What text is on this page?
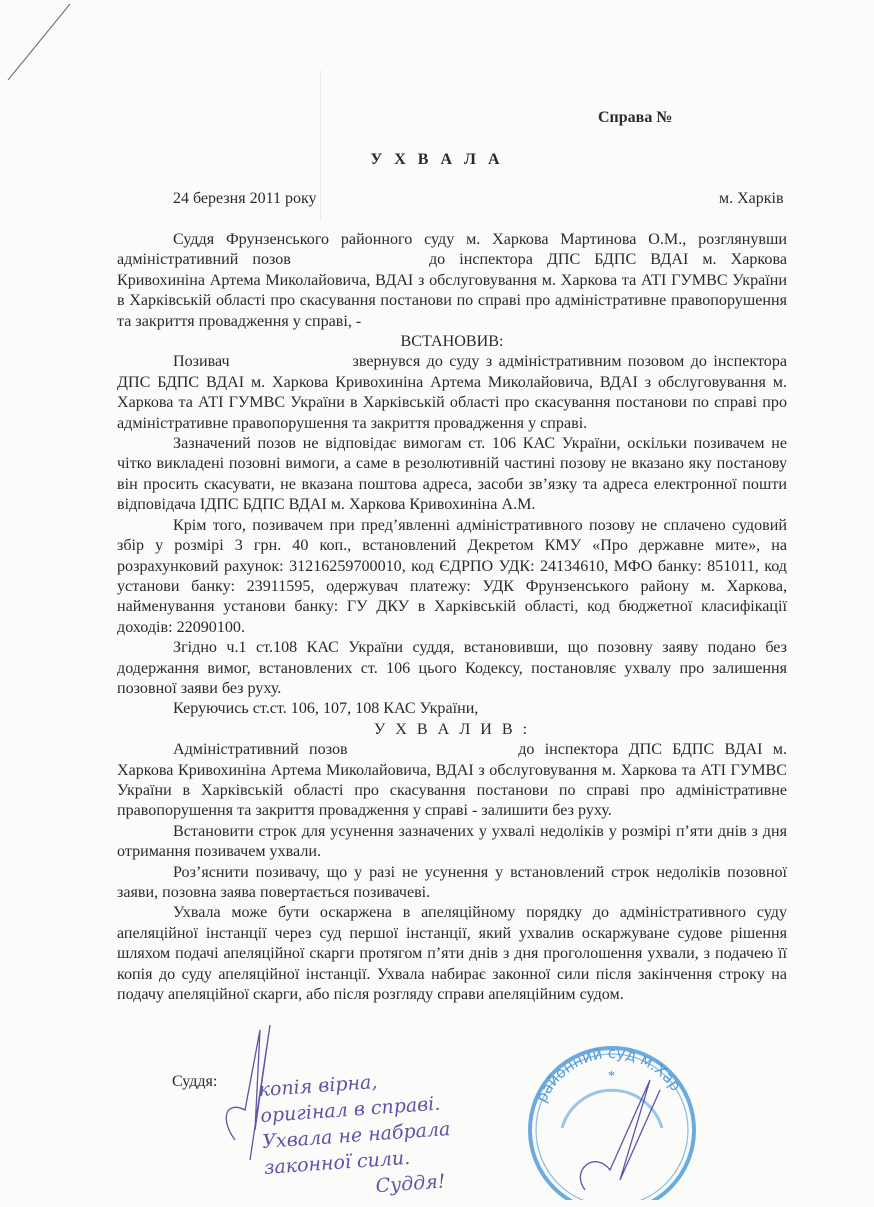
Справа №
У Х В А Л А
24 березня 2011 року	м. Харків

Суддя Фрунзенського районного суду м. Харкова Мартинова О.М., розглянувши адміністративний позов	до інспектора ДПС БДПС ВДАІ м. Харкова Кривохиніна Артема Миколайовича, ВДАІ з обслуговування м. Харкова та АТІ ГУМВС України в Харківській області про скасування постанови по справі про адміністративне правопорушення та закриття провадження у справі, -

ВСТАНОВИВ:

Позивач	звернувся до суду з адміністративним позовом до інспектора ДПС БДПС ВДАІ м. Харкова Кривохиніна Артема Миколайовича, ВДАІ з обслуговування м. Харкова та АТІ ГУМВС України в Харківській області про скасування постанови по справі про адміністративне правопорушення та закриття провадження у справі.

Зазначений позов не відповідає вимогам ст. 106 КАС України, оскільки позивачем не чітко викладені позовні вимоги, а саме в резолютивній частині позову не вказано яку постанову він просить скасувати, не вказана поштова адреса, засоби зв’язку та адреса електронної пошти відповідача ІДПС БДПС ВДАІ м. Харкова Кривохиніна А.М.

Крім того, позивачем при пред’явленні адміністративного позову не сплачено судовий збір у розмірі 3 грн. 40 коп., встановлений Декретом КМУ «Про державне мите», на розрахунковий рахунок: 31216259700010, код ЄДРПО УДК: 24134610, МФО банку: 851011, код установи банку: 23911595, одержувач платежу: УДК Фрунзенського району м. Харкова, найменування установи банку: ГУ ДКУ в Харківській області, код бюджетної класифікації доходів: 22090100.

Згідно ч.1 ст.108 КАС України суддя, встановивши, що позовну заяву подано без додержання вимог, встановлених ст. 106 цього Кодексу, постановляє ухвалу про залишення позовної заяви без руху.

Керуючись ст.ст. 106, 107, 108 КАС України,

У Х В А Л И В :

Адміністративний позов	до інспектора ДПС БДПС ВДАІ м. Харкова Кривохиніна Артема Миколайовича, ВДАІ з обслуговування м. Харкова та АТІ ГУМВС України в Харківській області про скасування постанови по справі про адміністративне правопорушення та закриття провадження у справі - залишити без руху.

Встановити строк для усунення зазначених у ухвалі недоліків у розмірі п’яти днів з дня отримання позивачем ухвали.

Роз’яснити позивачу, що у разі не усунення у встановлений строк недоліків позовної заяви, позовна заява повертається позивачеві.

Ухвала може бути оскаржена в апеляційному порядку до адміністративного суду апеляційної інстанції через суд першої інстанції, який ухвалив оскаржуване судове рішення шляхом подачі апеляційної скарги протягом п’яти днів з дня проголошення ухвали, з подачею її копія до суду апеляційної інстанції. Ухвала набирає законної сили після закінчення строку на подачу апеляційної скарги, або після розгляду справи апеляційним судом.

Суддя: копія вірна,
оригінал в справі.
Ухвала не набрала
законної сили.
Суддя!
районний суд м.Хар
*
